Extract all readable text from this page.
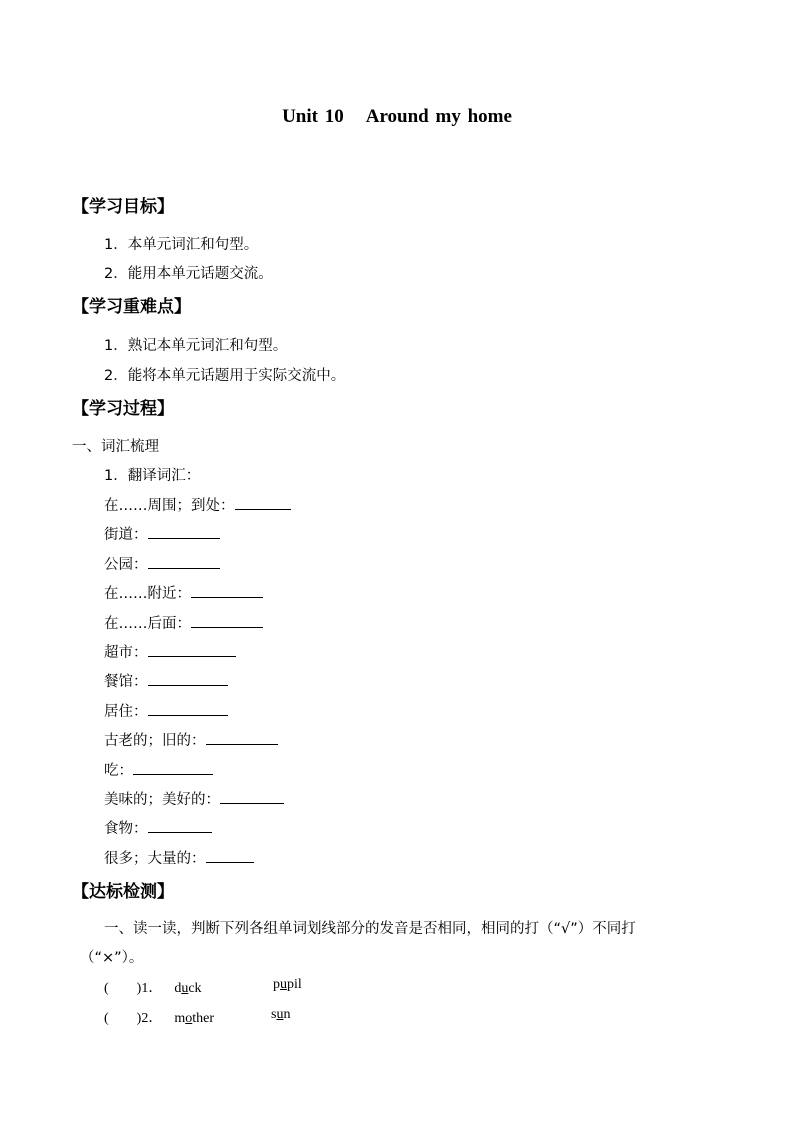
Unit 10 Around my home
【学习目标】
1．本单元词汇和句型。
2．能用本单元话题交流。
【学习重难点】
1．熟记本单元词汇和句型。
2．能将本单元话题用于实际交流中。
【学习过程】
一、词汇梳理
1．翻译词汇：
在……周围；到处：
街道：
公园：
在……附近：
在……后面：
超市：
餐馆：
居住：
古老的；旧的：
吃：
美味的；美好的：
食物：
很多；大量的：
【达标检测】
一、读一读，判断下列各组单词划线部分的发音是否相同，相同的打（“√”）不同打
（“×”）。
(　　)1． duck	pupil
(　　)2． mother	sun
